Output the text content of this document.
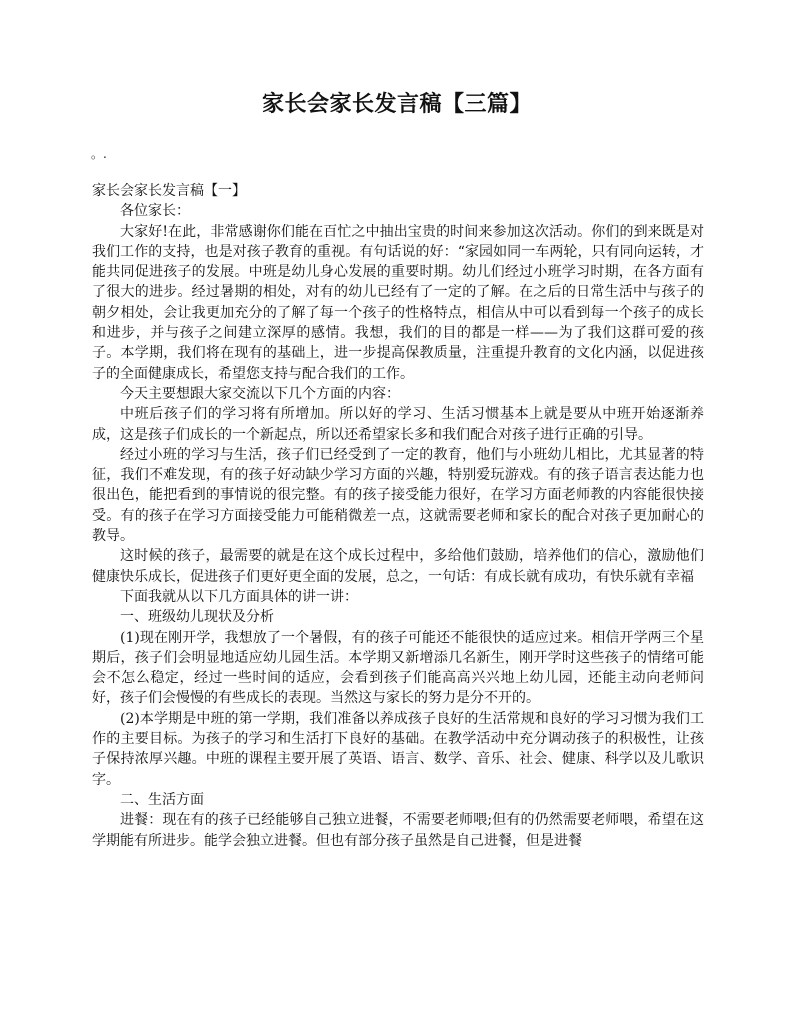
家长会家长发言稿【三篇】
。.

家长会家长发言稿【一】

各位家长：

大家好!在此，非常感谢你们能在百忙之中抽出宝贵的时间来参加这次活动。你们的到来既是对我们工作的支持，也是对孩子教育的重视。有句话说的好：“家园如同一车两轮，只有同向运转，才能共同促进孩子的发展。中班是幼儿身心发展的重要时期。幼儿们经过小班学习时期，在各方面有了很大的进步。经过暑期的相处，对有的幼儿已经有了一定的了解。在之后的日常生活中与孩子的朝夕相处，会让我更加充分的了解了每一个孩子的性格特点，相信从中可以看到每一个孩子的成长和进步，并与孩子之间建立深厚的感情。我想，我们的目的都是一样——为了我们这群可爱的孩子。本学期，我们将在现有的基础上，进一步提高保教质量，注重提升教育的文化内涵，以促进孩子的全面健康成长，希望您支持与配合我们的工作。

今天主要想跟大家交流以下几个方面的内容：

中班后孩子们的学习将有所增加。所以好的学习、生活习惯基本上就是要从中班开始逐渐养成，这是孩子们成长的一个新起点，所以还希望家长多和我们配合对孩子进行正确的引导。

经过小班的学习与生活，孩子们已经受到了一定的教育，他们与小班幼儿相比，尤其显著的特征，我们不难发现，有的孩子好动缺少学习方面的兴趣，特别爱玩游戏。有的孩子语言表达能力也很出色，能把看到的事情说的很完整。有的孩子接受能力很好，在学习方面老师教的内容能很快接受。有的孩子在学习方面接受能力可能稍微差一点，这就需要老师和家长的配合对孩子更加耐心的教导。

这时候的孩子，最需要的就是在这个成长过程中，多给他们鼓励，培养他们的信心，激励他们健康快乐成长，促进孩子们更好更全面的发展，总之，一句话：有成长就有成功，有快乐就有幸福

下面我就从以下几方面具体的讲一讲：

一、班级幼儿现状及分析

(1)现在刚开学，我想放了一个暑假，有的孩子可能还不能很快的适应过来。相信开学两三个星期后，孩子们会明显地适应幼儿园生活。本学期又新增添几名新生，刚开学时这些孩子的情绪可能会不怎么稳定，经过一些时间的适应，会看到孩子们能高高兴兴地上幼儿园，还能主动向老师问好，孩子们会慢慢的有些成长的表现。当然这与家长的努力是分不开的。

(2)本学期是中班的第一学期，我们准备以养成孩子良好的生活常规和良好的学习习惯为我们工作的主要目标。为孩子的学习和生活打下良好的基础。在教学活动中充分调动孩子的积极性，让孩子保持浓厚兴趣。中班的课程主要开展了英语、语言、数学、音乐、社会、健康、科学以及儿歌识字。

二、生活方面

进餐：现在有的孩子已经能够自己独立进餐，不需要老师喂;但有的仍然需要老师喂，希望在这学期能有所进步。能学会独立进餐。但也有部分孩子虽然是自己进餐，但是进餐
